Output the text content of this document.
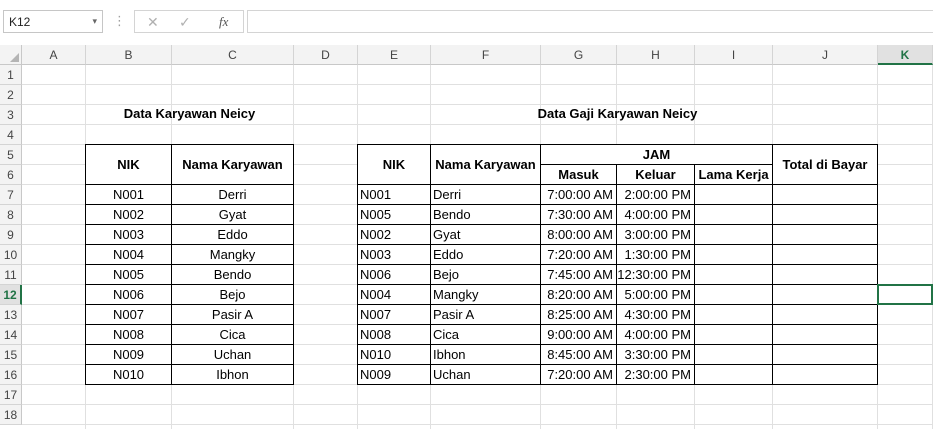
K12	▾ ⋮ ✕ ✓ fx
A	B	C	D	E	F	G	H	I	J	K
1
2
3
4
5
6
7
8
9
10
11
12
13
14
15
16
17
18
Data Karyawan Neicy
NIK	Nama Karyawan
N001	Derri
N002	Gyat
N003	Eddo
N004	Mangky
N005	Bendo
N006	Bejo
N007	Pasir A
N008	Cica
N009	Uchan
N010	Ibhon
Data Gaji Karyawan Neicy
NIK	Nama Karyawan
JAM
Masuk	Keluar	Lama Kerja
Total di Bayar
N001	Derri	7:00:00 AM 2:00:00 PM
N005	Bendo	7:30:00 AM 4:00:00 PM
N002	Gyat	8:00:00 AM 3:00:00 PM
N003	Eddo	7:20:00 AM 1:30:00 PM
N006	Bejo	7:45:00 AM 12:30:00 PM
N004	Mangky	8:20:00 AM 5:00:00 PM
N007	Pasir A	8:25:00 AM 4:30:00 PM
N008	Cica	9:00:00 AM 4:00:00 PM
N010	Ibhon	8:45:00 AM 3:30:00 PM
N009	Uchan	7:20:00 AM 2:30:00 PM
